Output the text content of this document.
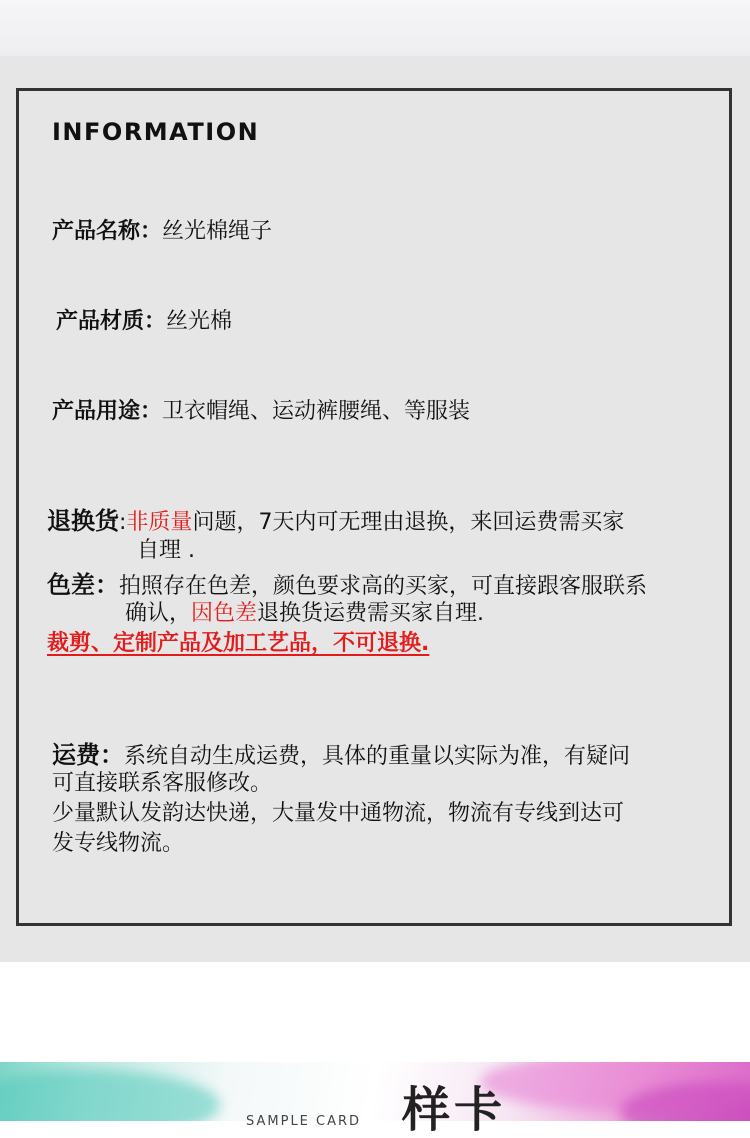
INFORMATION
产品名称：丝光棉绳子
产品材质：丝光棉
产品用途：卫衣帽绳、运动裤腰绳、等服装
退换货:非质量问题，7天内可无理由退换，来回运费需买家
自理 .
色差：拍照存在色差，颜色要求高的买家，可直接跟客服联系
确认，因色差退换货运费需买家自理.
裁剪、定制产品及加工艺品，不可退换.
运费：系统自动生成运费，具体的重量以实际为准，有疑问
可直接联系客服修改。
少量默认发韵达快递，大量发中通物流，物流有专线到达可
发专线物流。
SAMPLE CARD 样卡
